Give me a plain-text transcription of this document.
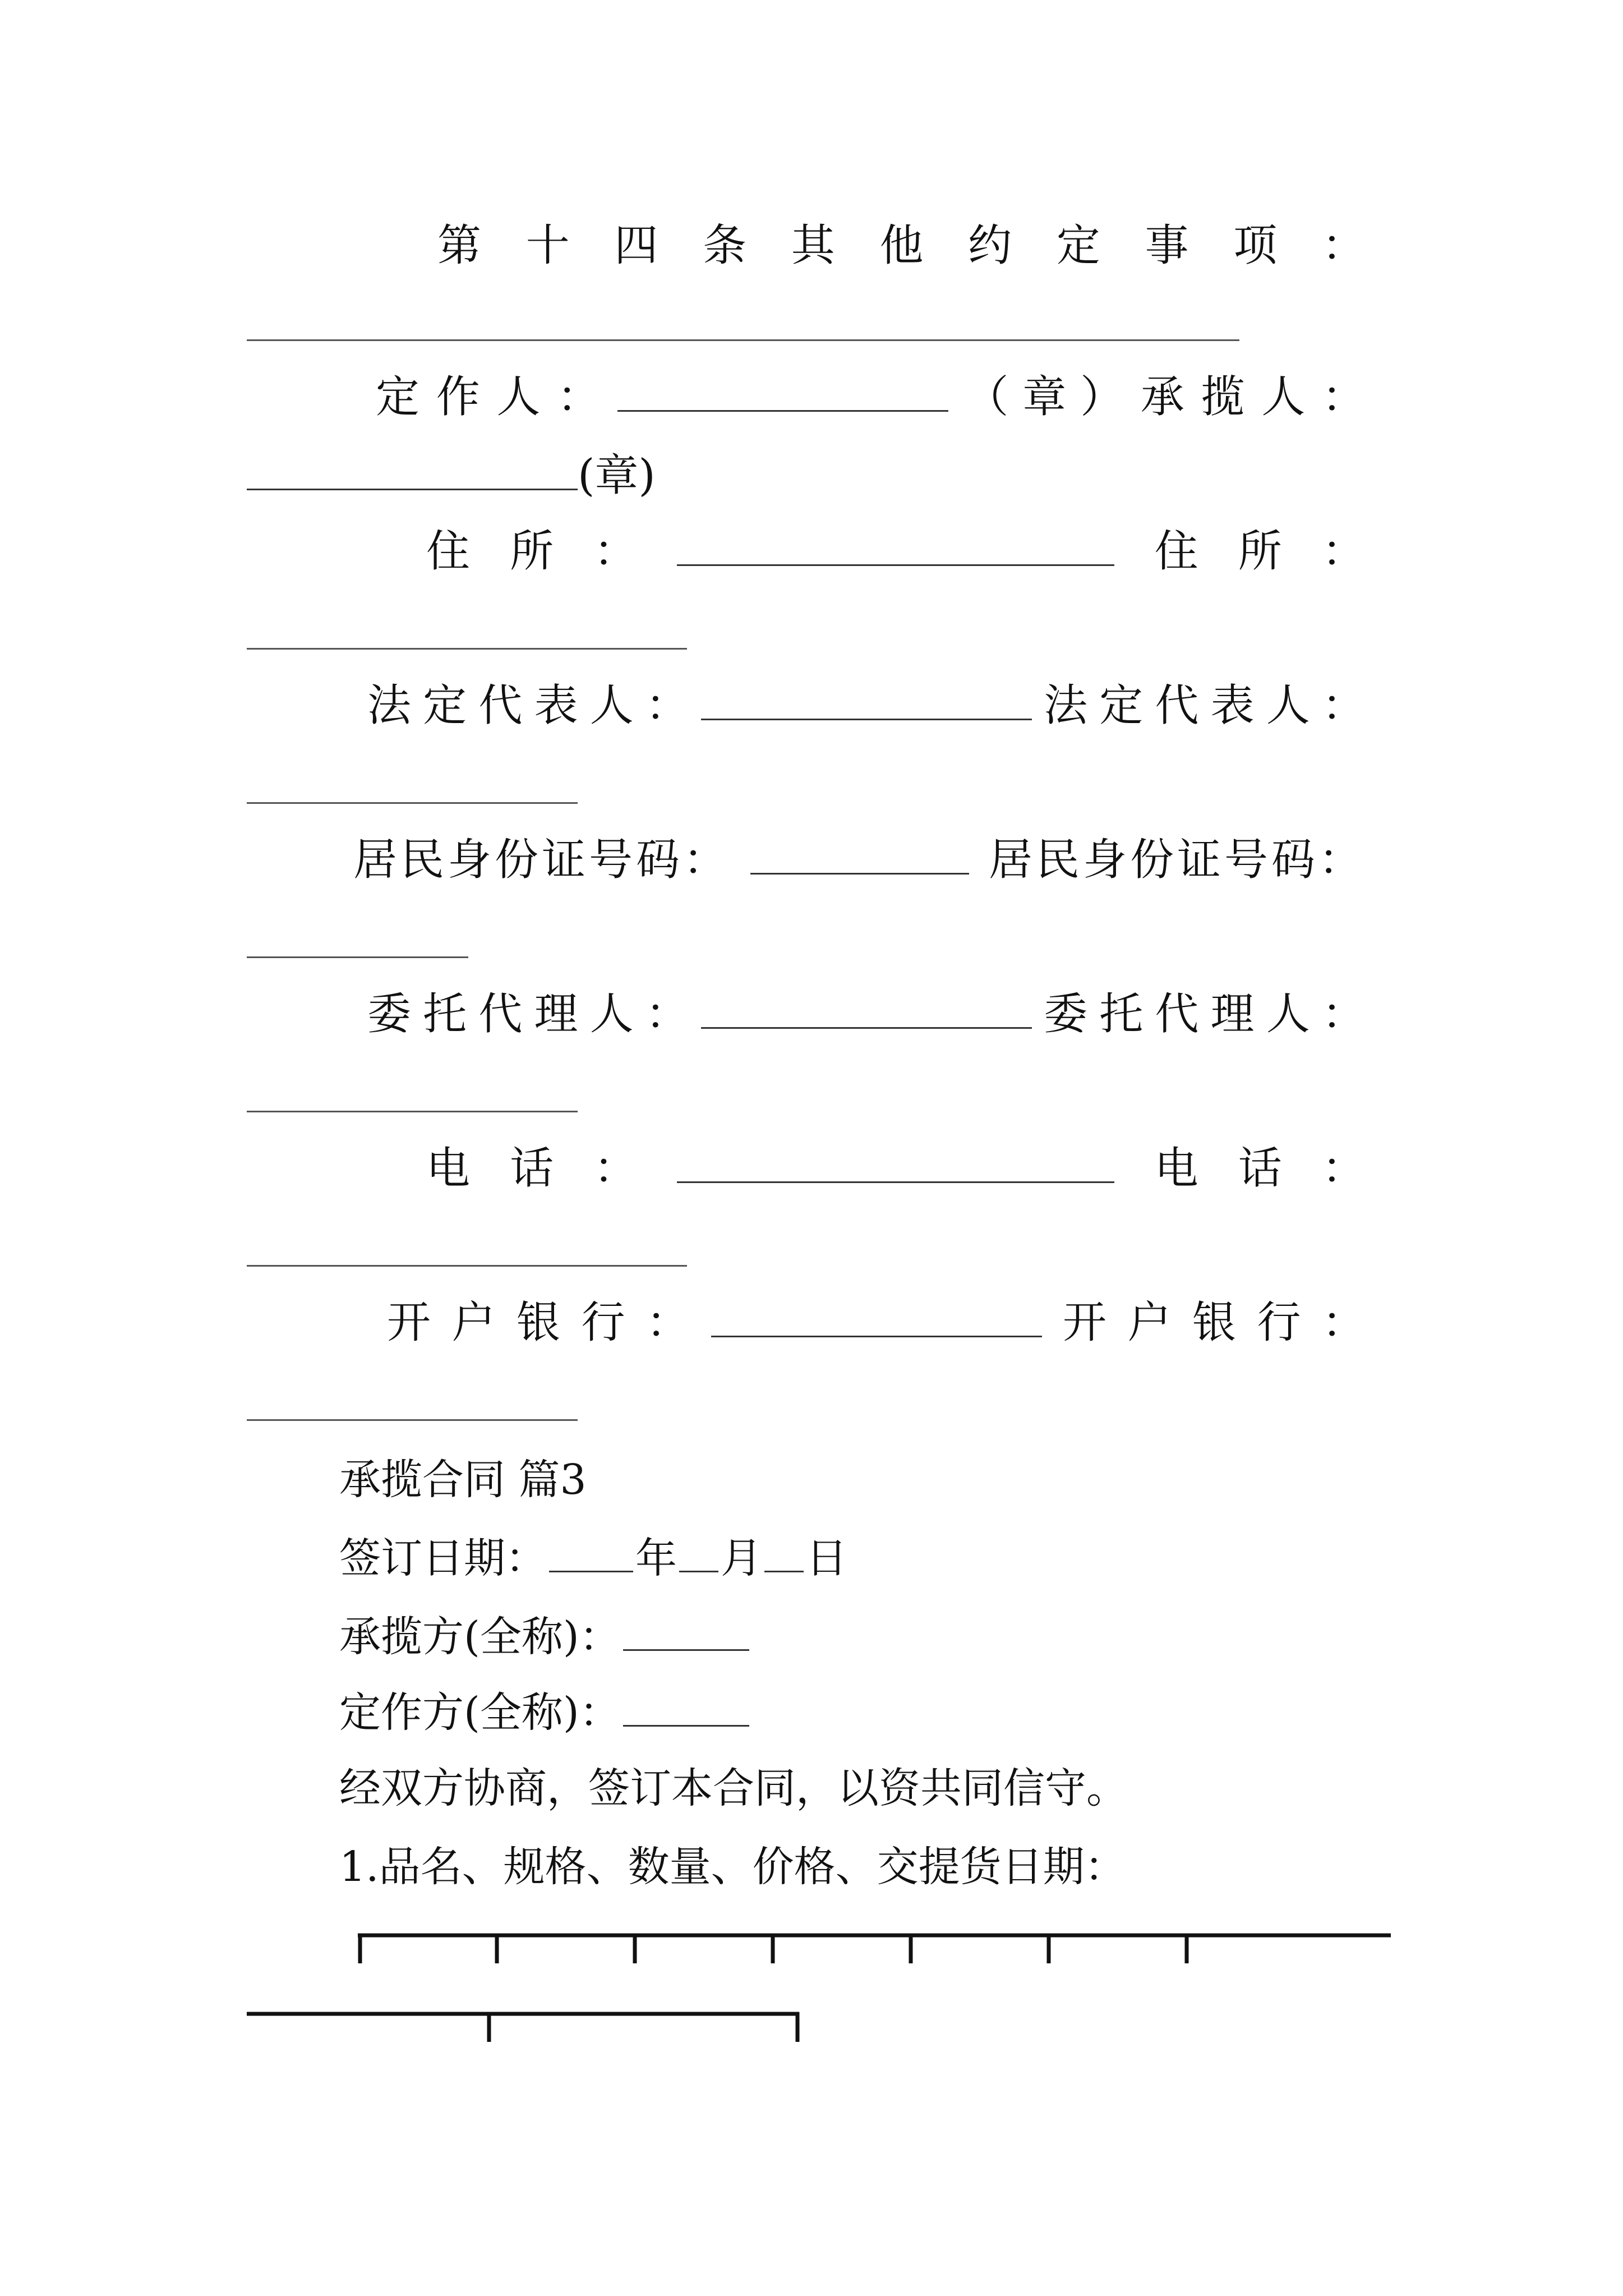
第 十 四 条 其 他 约 定 事 项 ：
定 作 人 ：	（ 章 ） 承 揽 人 ：
(章)
住 所 ：	住 所 ：
法 定 代 表 人 ：	法 定 代 表 人 ：
居民身份证号码：	居民身份证号码：
委 托 代 理 人 ：	委 托 代 理 人 ：
电 话 ：	电 话 ：
开 户 银 行 ：	开 户 银 行 ：
承揽合同 篇3
签订日期： 年 月 日
承揽方(全称)：
定作方(全称)：
经双方协商，签订本合同，以资共同信守。
1.品名、规格、数量、价格、交提货日期：
